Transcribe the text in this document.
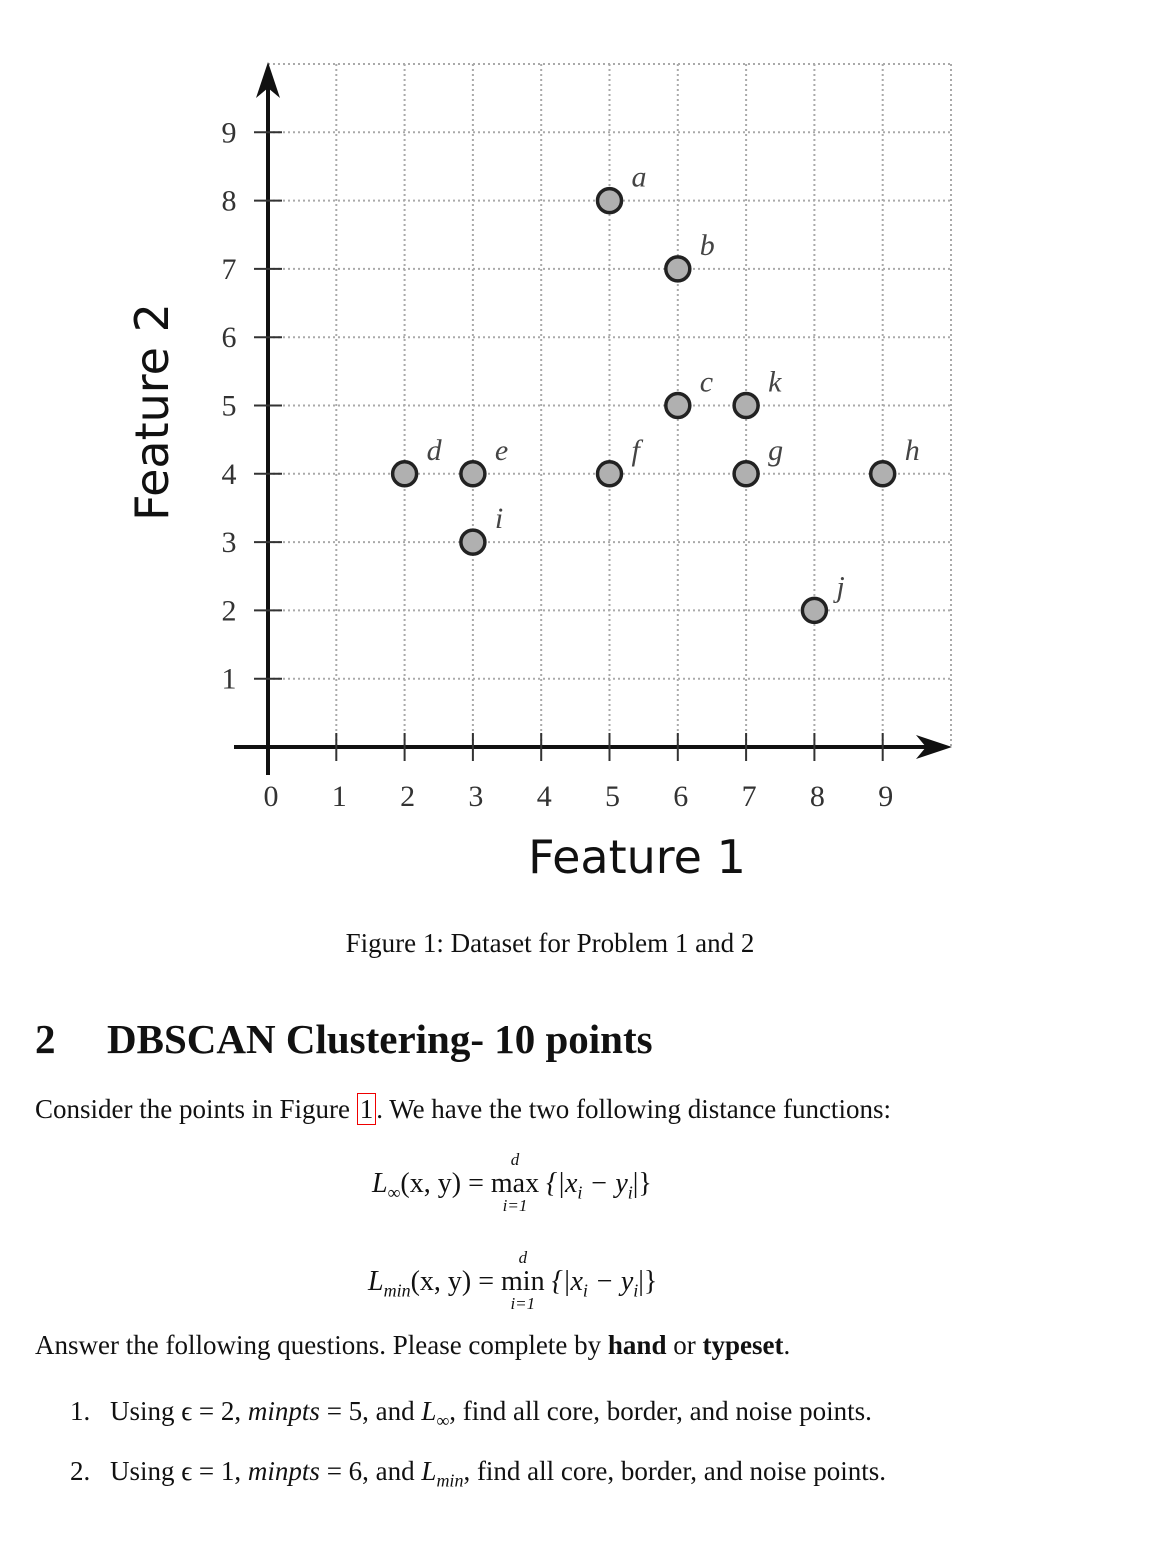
0 1 2 3 4 5 6 7 8 9
1
2
3
4
5
6
7
8
9
Feature 1
Feature 2
a
b
c k
d e	f	g	h
i
j
Figure 1: Dataset for Problem 1 and 2
2 DBSCAN Clustering- 10 points
Consider the points in Figure 1 . We have the two following distance functions:
$L_\infty(x$, y) =
d
max
i=1
$\{|x_i - y_i|\}$
$L_{min}(x$, y) =
d
min
i=1
$\{|x_i - y_i|\}$
Answer the following questions. Please complete by hand or typeset.
1. Using ϵ = 2, minpts = 5, and $L_\infty$, find all core, border, and noise points.
2. Using ϵ = 1, minpts = 6, and $L_{min}$, find all core, border, and noise points.
